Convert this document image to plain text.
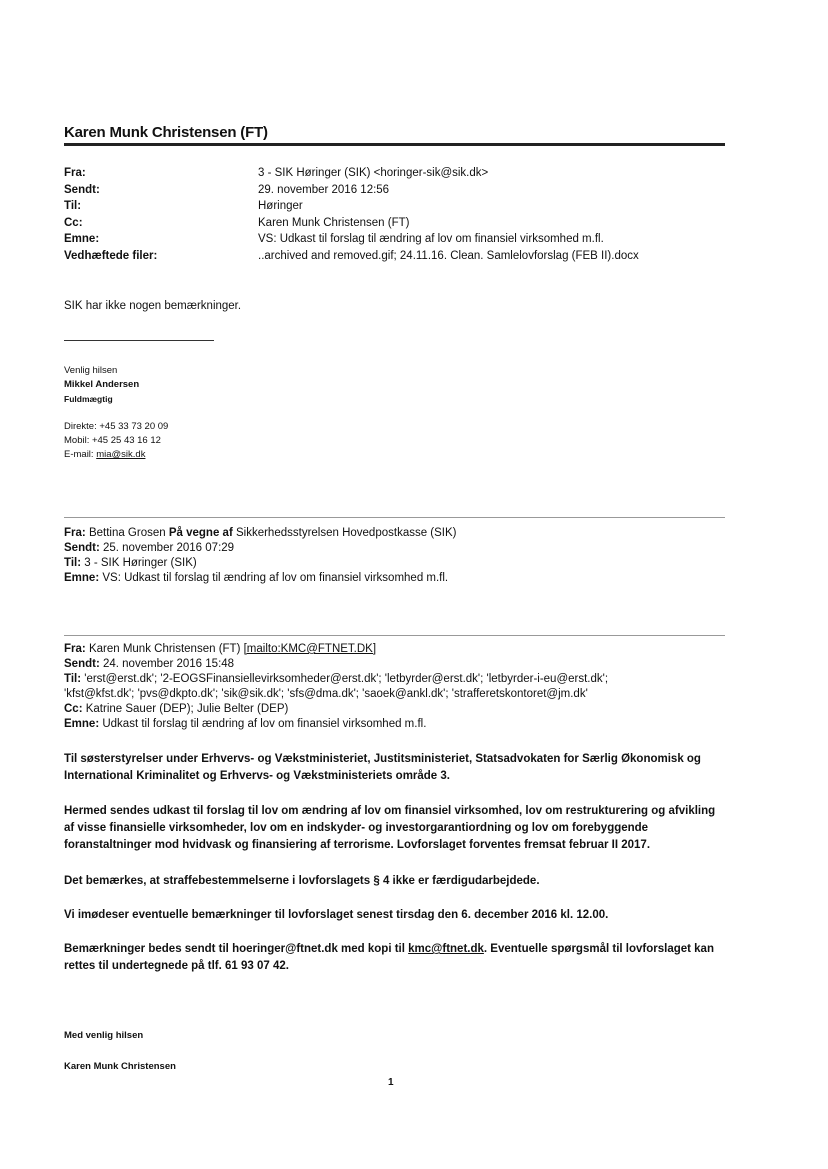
Karen Munk Christensen (FT)
Fra:	3 - SIK Høringer (SIK) <horinger-sik@sik.dk>
Sendt:	29. november 2016 12:56
Til:	Høringer
Cc:	Karen Munk Christensen (FT)
Emne:	VS: Udkast til forslag til ændring af lov om finansiel virksomhed m.fl.
Vedhæftede filer:	..archived and removed.gif; 24.11.16. Clean. Samlelovforslag (FEB II).docx
SIK har ikke nogen bemærkninger.
Venlig hilsen
Mikkel Andersen
Fuldmægtig
Direkte: +45 33 73 20 09
Mobil: +45 25 43 16 12
E-mail: mia@sik.dk
Fra: Bettina Grosen På vegne af Sikkerhedsstyrelsen Hovedpostkasse (SIK)
Sendt: 25. november 2016 07:29
Til: 3 - SIK Høringer (SIK)
Emne: VS: Udkast til forslag til ændring af lov om finansiel virksomhed m.fl.
Fra: Karen Munk Christensen (FT) [mailto:KMC@FTNET.DK]
Sendt: 24. november 2016 15:48
Til: 'erst@erst.dk'; '2-EOGSFinansiellevirksomheder@erst.dk'; 'letbyrder@erst.dk'; 'letbyrder-i-eu@erst.dk';
'kfst@kfst.dk'; 'pvs@dkpto.dk'; 'sik@sik.dk'; 'sfs@dma.dk'; 'saoek@ankl.dk'; 'strafferetskontoret@jm.dk'
Cc: Katrine Sauer (DEP); Julie Belter (DEP)
Emne: Udkast til forslag til ændring af lov om finansiel virksomhed m.fl.
Til søsterstyrelser under Erhvervs- og Vækstministeriet, Justitsministeriet, Statsadvokaten for Særlig Økonomisk og International Kriminalitet og Erhvervs- og Vækstministeriets område 3.
Hermed sendes udkast til forslag til lov om ændring af lov om finansiel virksomhed, lov om restrukturering og afvikling af visse finansielle virksomheder, lov om en indskyder- og investorgarantiordning og lov om forebyggende foranstaltninger mod hvidvask og finansiering af terrorisme. Lovforslaget forventes fremsat februar II 2017.
Det bemærkes, at straffebestemmelserne i lovforslagets § 4 ikke er færdigudarbejdede.
Vi imødeser eventuelle bemærkninger til lovforslaget senest tirsdag den 6. december 2016 kl. 12.00.
Bemærkninger bedes sendt til hoeringer@ftnet.dk med kopi til kmc@ftnet.dk. Eventuelle spørgsmål til lovforslaget kan rettes til undertegnede på tlf. 61 93 07 42.
Med venlig hilsen
Karen Munk Christensen
1
